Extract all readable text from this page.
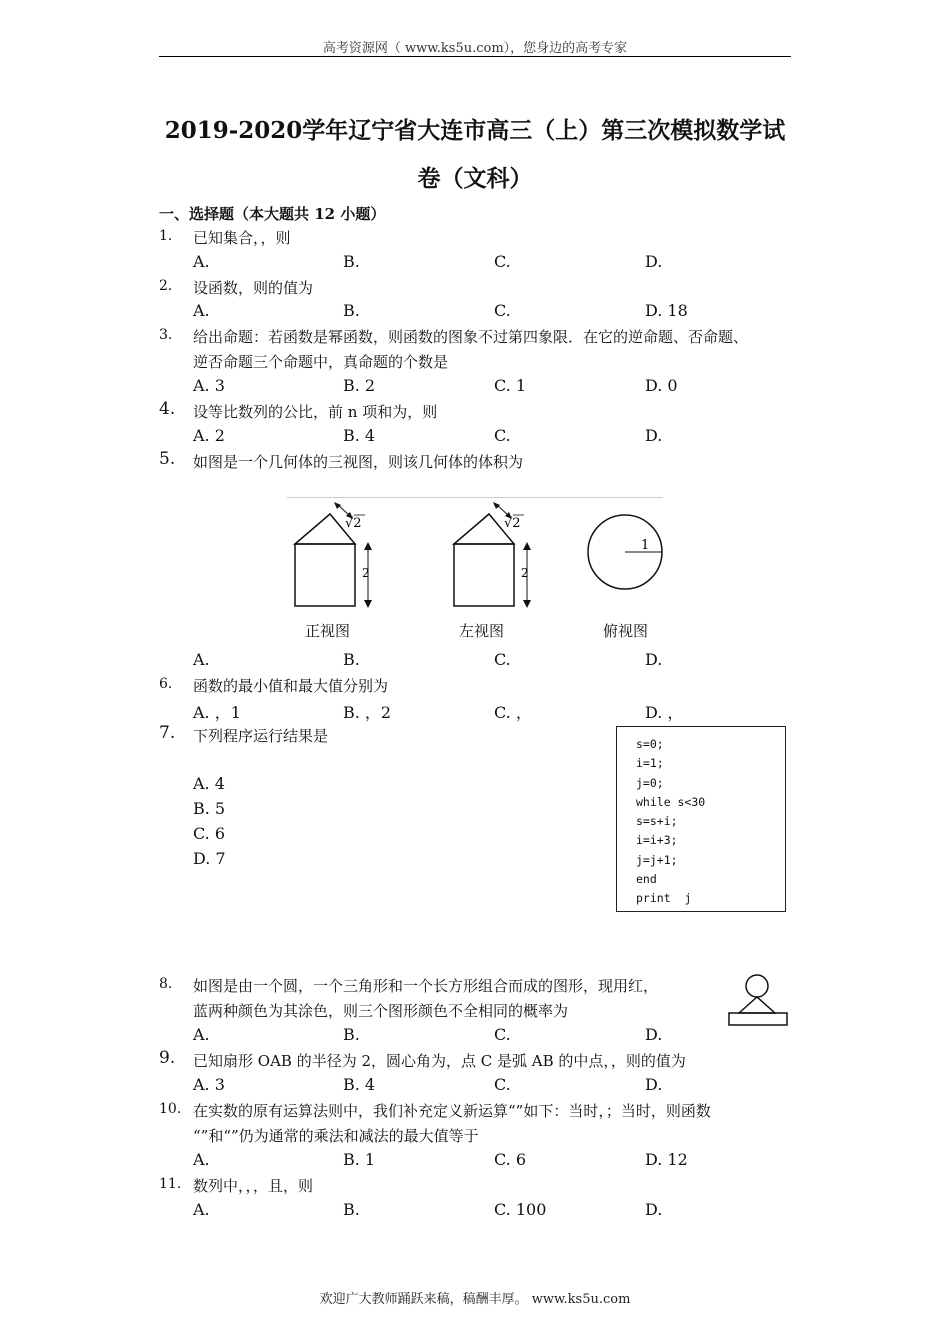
高考资源网（ www.ks5u.com），您身边的高考专家
2019-2020学年辽宁省大连市高三（上）第三次模拟数学试
卷（文科）
一、选择题（本大题共 12 小题）
1. 已知集合，，则
A.	B.	C.	D.
2. 设函数，则的值为
A.	B.	C.	D. 18
3. 给出命题：若函数是幂函数，则函数的图象不过第四象限．在它的逆命题、否命题、
逆否命题三个命题中，真命题的个数是
A. 3	B. 2	C. 1	D. 0
4. 设等比数列的公比，前 n 项和为，则
A. 2	B. 4	C.	D.
5. 如图是一个几何体的三视图，则该几何体的体积为
√2
2
正视图
√2
2
左视图
1
俯视图
A.	B.	C.	D.
6. 函数的最小值和最大值分别为
A. ，1	B. ，2	C. ，	D. ，
7. 下列程序运行结果是
A. 4
B. 5
C. 6
D. 7
s=0;
i=1;
j=0;
while s<30
s=s+i;
i=i+3;
j=j+1;
end
print  j
8. 如图是由一个圆，一个三角形和一个长方形组合而成的图形，现用红，
蓝两种颜色为其涂色，则三个图形颜色不全相同的概率为
A.	B.	C.	D.
9. 已知扇形 OAB 的半径为 2，圆心角为，点 C 是弧 AB 的中点，，则的值为
A. 3	B. 4	C.	D.
10. 在实数的原有运算法则中，我们补充定义新运算“”如下：当时，；当时，则函数
“”和“”仍为通常的乘法和减法的最大值等于
A.	B. 1	C. 6	D. 12
11. 数列中，，，且，则
A.	B.	C. 100	D.
欢迎广大教师踊跃来稿，稿酬丰厚。 www.ks5u.com
